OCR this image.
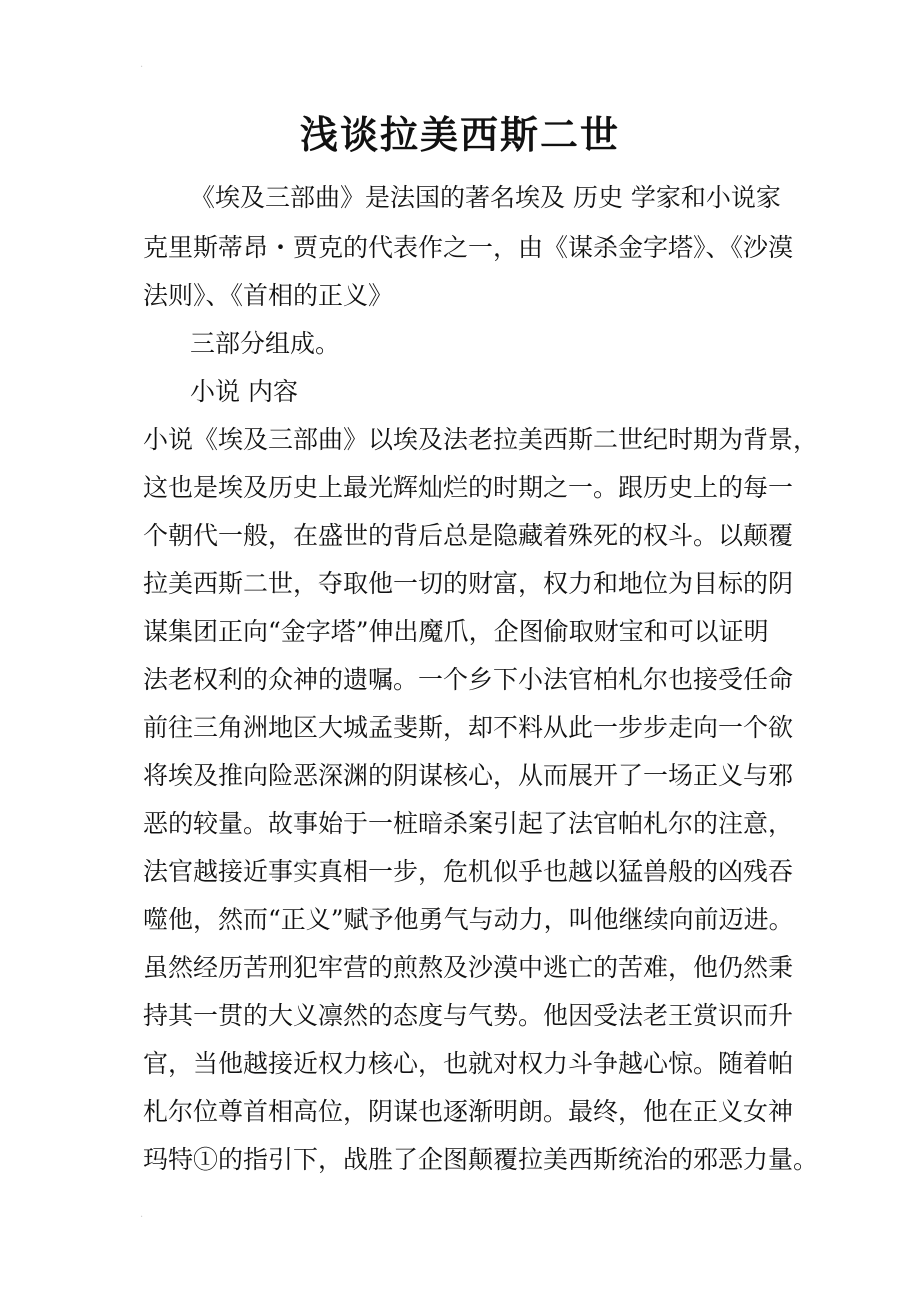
·
浅谈拉美西斯二世
《埃及三部曲》是法国的著名埃及 历史 学家和小说家
克里斯蒂昂・贾克的代表作之一，由《谋杀金字塔》、《沙漠
法则》、《首相的正义》
三部分组成。
小说 内容
小说《埃及三部曲》以埃及法老拉美西斯二世纪时期为背景，
这也是埃及历史上最光辉灿烂的时期之一。跟历史上的每一
个朝代一般，在盛世的背后总是隐藏着殊死的权斗。以颠覆
拉美西斯二世，夺取他一切的财富，权力和地位为目标的阴
谋集团正向“金字塔”伸出魔爪，企图偷取财宝和可以证明
法老权利的众神的遗嘱。一个乡下小法官柏札尔也接受任命
前往三角洲地区大城孟斐斯，却不料从此一步步走向一个欲
将埃及推向险恶深渊的阴谋核心，从而展开了一场正义与邪
恶的较量。故事始于一桩暗杀案引起了法官帕札尔的注意，
法官越接近事实真相一步，危机似乎也越以猛兽般的凶残吞
噬他，然而“正义”赋予他勇气与动力，叫他继续向前迈进。
虽然经历苦刑犯牢营的煎熬及沙漠中逃亡的苦难，他仍然秉
持其一贯的大义凛然的态度与气势。他因受法老王赏识而升
官，当他越接近权力核心，也就对权力斗争越心惊。随着帕
札尔位尊首相高位，阴谋也逐渐明朗。最终，他在正义女神
玛特①的指引下，战胜了企图颠覆拉美西斯统治的邪恶力量。
·
